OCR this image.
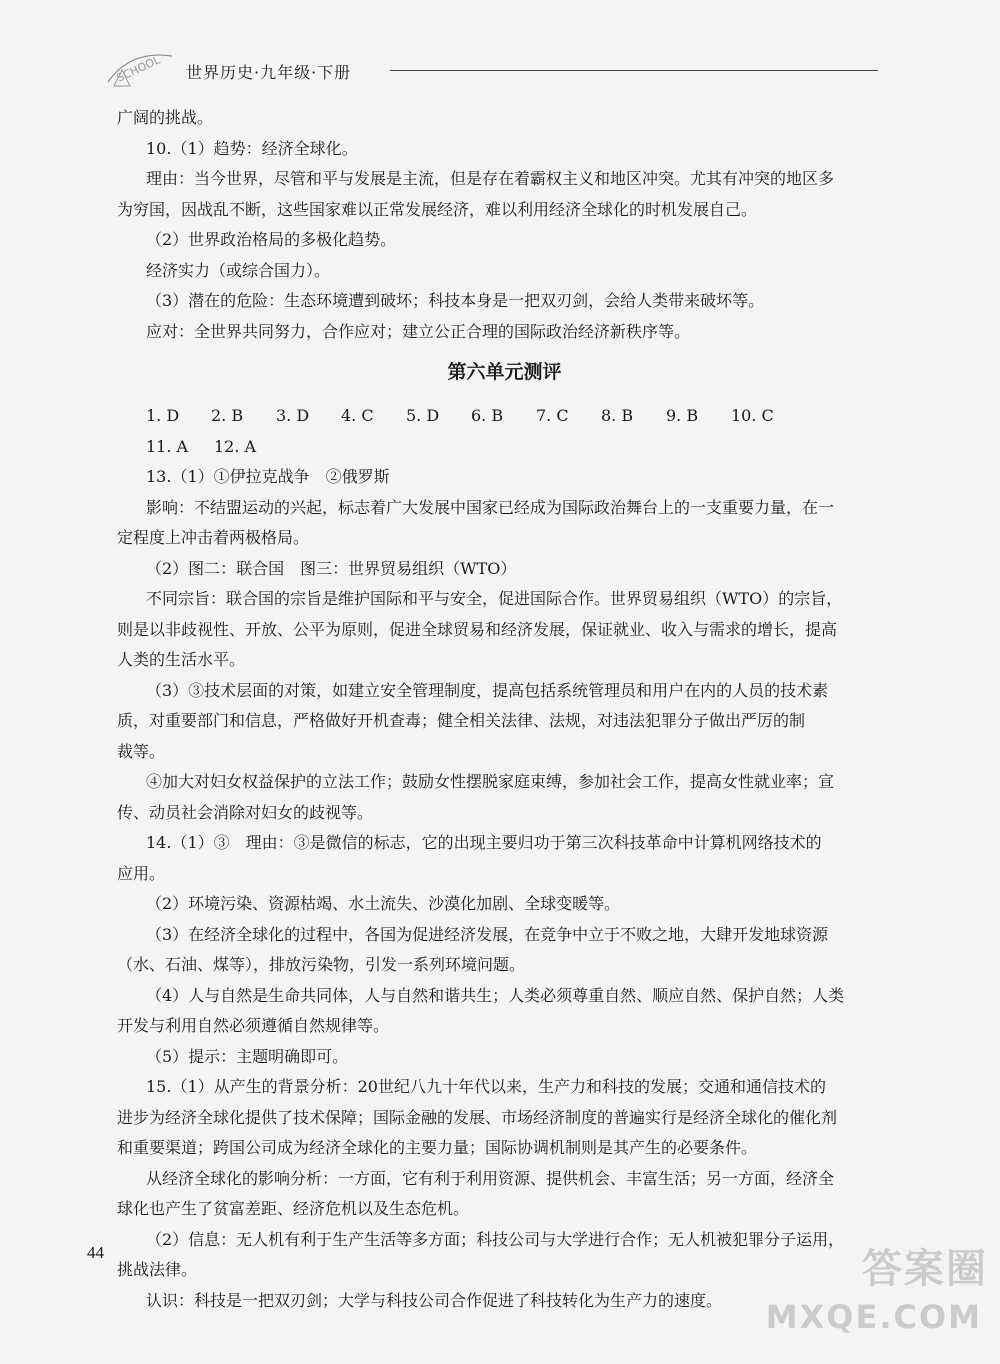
SCHOOL 世界历史·九年级·下册
广阔的挑战。
10.（1）趋势：经济全球化。
理由：当今世界，尽管和平与发展是主流，但是存在着霸权主义和地区冲突。尤其有冲突的地区多
为穷国，因战乱不断，这些国家难以正常发展经济，难以利用经济全球化的时机发展自己。
（2）世界政治格局的多极化趋势。
经济实力（或综合国力）。
（3）潜在的危险：生态环境遭到破坏；科技本身是一把双刃剑，会给人类带来破坏等。
应对：全世界共同努力，合作应对；建立公正合理的国际政治经济新秩序等。
第六单元测评
1. D	2. B	3. D	4. C	5. D	6. B	7. C	8. B	9. B	10. C
11. A	12. A
13.（1）①伊拉克战争　②俄罗斯
影响：不结盟运动的兴起，标志着广大发展中国家已经成为国际政治舞台上的一支重要力量，在一
定程度上冲击着两极格局。
（2）图二：联合国　图三：世界贸易组织（WTO）
不同宗旨：联合国的宗旨是维护国际和平与安全，促进国际合作。世界贸易组织（WTO）的宗旨，
则是以非歧视性、开放、公平为原则，促进全球贸易和经济发展，保证就业、收入与需求的增长，提高
人类的生活水平。
（3）③技术层面的对策，如建立安全管理制度，提高包括系统管理员和用户在内的人员的技术素
质，对重要部门和信息，严格做好开机查毒；健全相关法律、法规，对违法犯罪分子做出严厉的制
裁等。
④加大对妇女权益保护的立法工作；鼓励女性摆脱家庭束缚，参加社会工作，提高女性就业率；宣
传、动员社会消除对妇女的歧视等。
14.（1）③　理由：③是微信的标志，它的出现主要归功于第三次科技革命中计算机网络技术的
应用。
（2）环境污染、资源枯竭、水土流失、沙漠化加剧、全球变暖等。
（3）在经济全球化的过程中，各国为促进经济发展，在竞争中立于不败之地，大肆开发地球资源
（水、石油、煤等），排放污染物，引发一系列环境问题。
（4）人与自然是生命共同体，人与自然和谐共生；人类必须尊重自然、顺应自然、保护自然；人类
开发与利用自然必须遵循自然规律等。
（5）提示：主题明确即可。
15.（1）从产生的背景分析：20世纪八九十年代以来，生产力和科技的发展；交通和通信技术的
进步为经济全球化提供了技术保障；国际金融的发展、市场经济制度的普遍实行是经济全球化的催化剂
和重要渠道；跨国公司成为经济全球化的主要力量；国际协调机制则是其产生的必要条件。
从经济全球化的影响分析：一方面，它有利于利用资源、提供机会、丰富生活；另一方面，经济全
球化也产生了贫富差距、经济危机以及生态危机。
（2）信息：无人机有利于生产生活等多方面；科技公司与大学进行合作；无人机被犯罪分子运用，
挑战法律。
认识：科技是一把双刃剑；大学与科技公司合作促进了科技转化为生产力的速度。
44	答案圈
MXQE.COM
